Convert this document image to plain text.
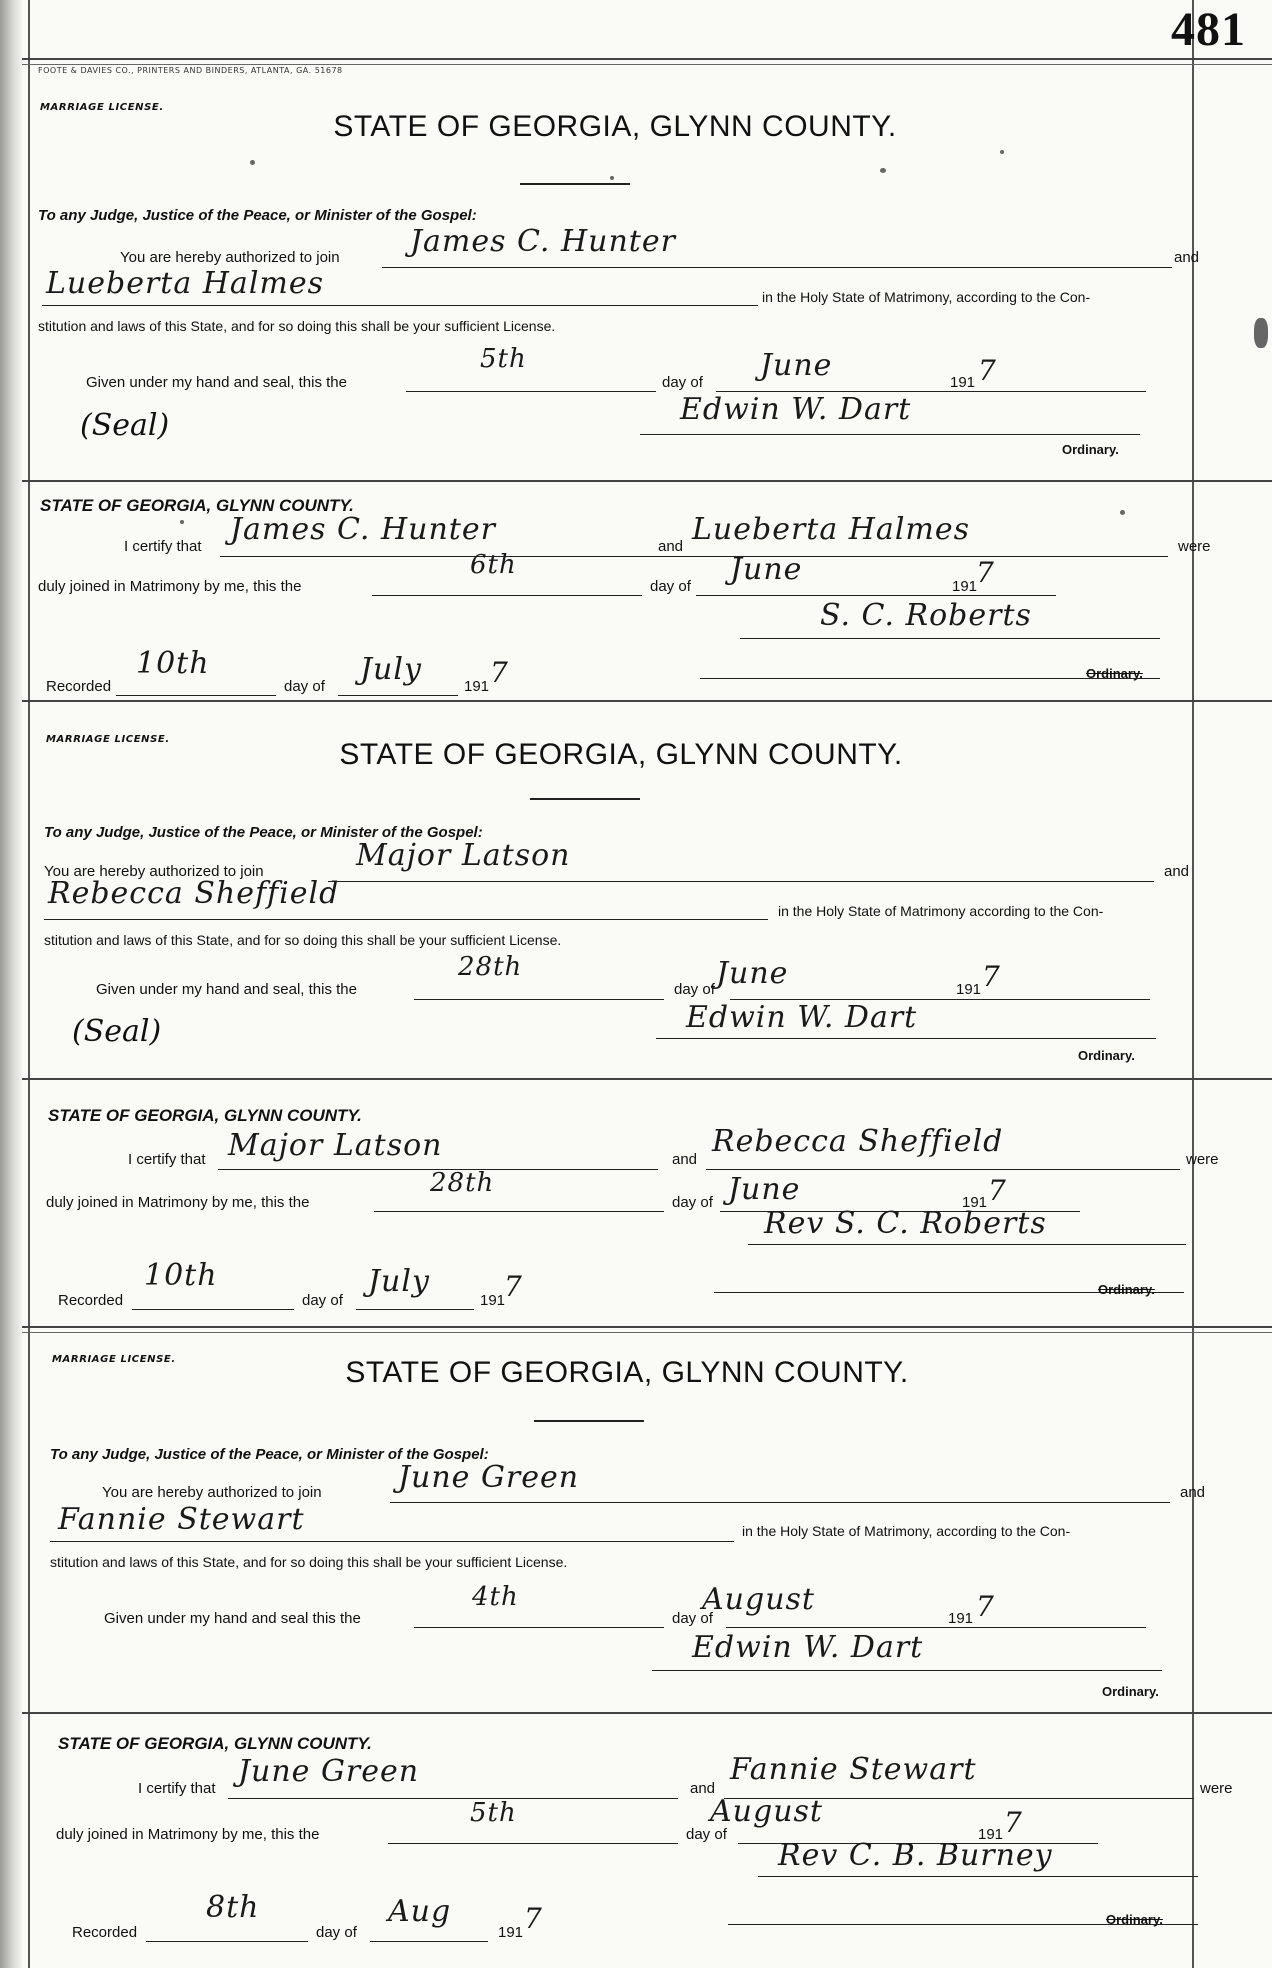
481
FOOTE & DAVIES CO., PRINTERS AND BINDERS, ATLANTA, GA. 51678
MARRIAGE LICENSE.
STATE OF GEORGIA, GLYNN COUNTY.
To any Judge, Justice of the Peace, or Minister of the Gospel:
You are hereby authorized to join James C. Hunter	and
Lueberta Halmes	in the Holy State of Matrimony, according to the Con-
stitution and laws of this State, and for so doing this shall be your sufficient License.
Given under my hand and seal, this the
5th
day of June	191 7
(Seal)	Edwin W. Dart
Ordinary.
STATE OF GEORGIA, GLYNN COUNTY.
I certify that James C. Hunter	and Lueberta Halmes	were
duly joined in Matrimony by me, this the
6th
day of June	191
7
S. C. Roberts
Recorded
10th
day of July	191 7	Ordinary.
MARRIAGE LICENSE.	STATE OF GEORGIA, GLYNN COUNTY.
To any Judge, Justice of the Peace, or Minister of the Gospel:
You are hereby authorized to join	Major Latson	and
Rebecca Sheffield	in the Holy State of Matrimony according to the Con-
stitution and laws of this State, and for so doing this shall be your sufficient License.
Given under my hand and seal, this the
28th
day of June	191 7
(Seal)	Edwin W. Dart
Ordinary.
STATE OF GEORGIA, GLYNN COUNTY.
I certify that Major Latson	and
Rebecca Sheffield
were
duly joined in Matrimony by me, this the
28th
day of June	191 7
Rev S. C. Roberts
Recorded
10th
day of
July
191
7	Ordinary.
MARRIAGE LICENSE.	STATE OF GEORGIA, GLYNN COUNTY.
To any Judge, Justice of the Peace, or Minister of the Gospel:
You are hereby authorized to join	June Green	and
Fannie Stewart	in the Holy State of Matrimony, according to the Con-
stitution and laws of this State, and for so doing this shall be your sufficient License.
Given under my hand and seal this the
4th
day of
August
191 7
Edwin W. Dart
Ordinary.
STATE OF GEORGIA, GLYNN COUNTY.
I certify that June Green	and
Fannie Stewart
were
duly joined in Matrimony by me, this the
5th
day of
August
191 7
Rev C. B. Burney
Recorded
8th
day of
Aug
191 7	Ordinary.
